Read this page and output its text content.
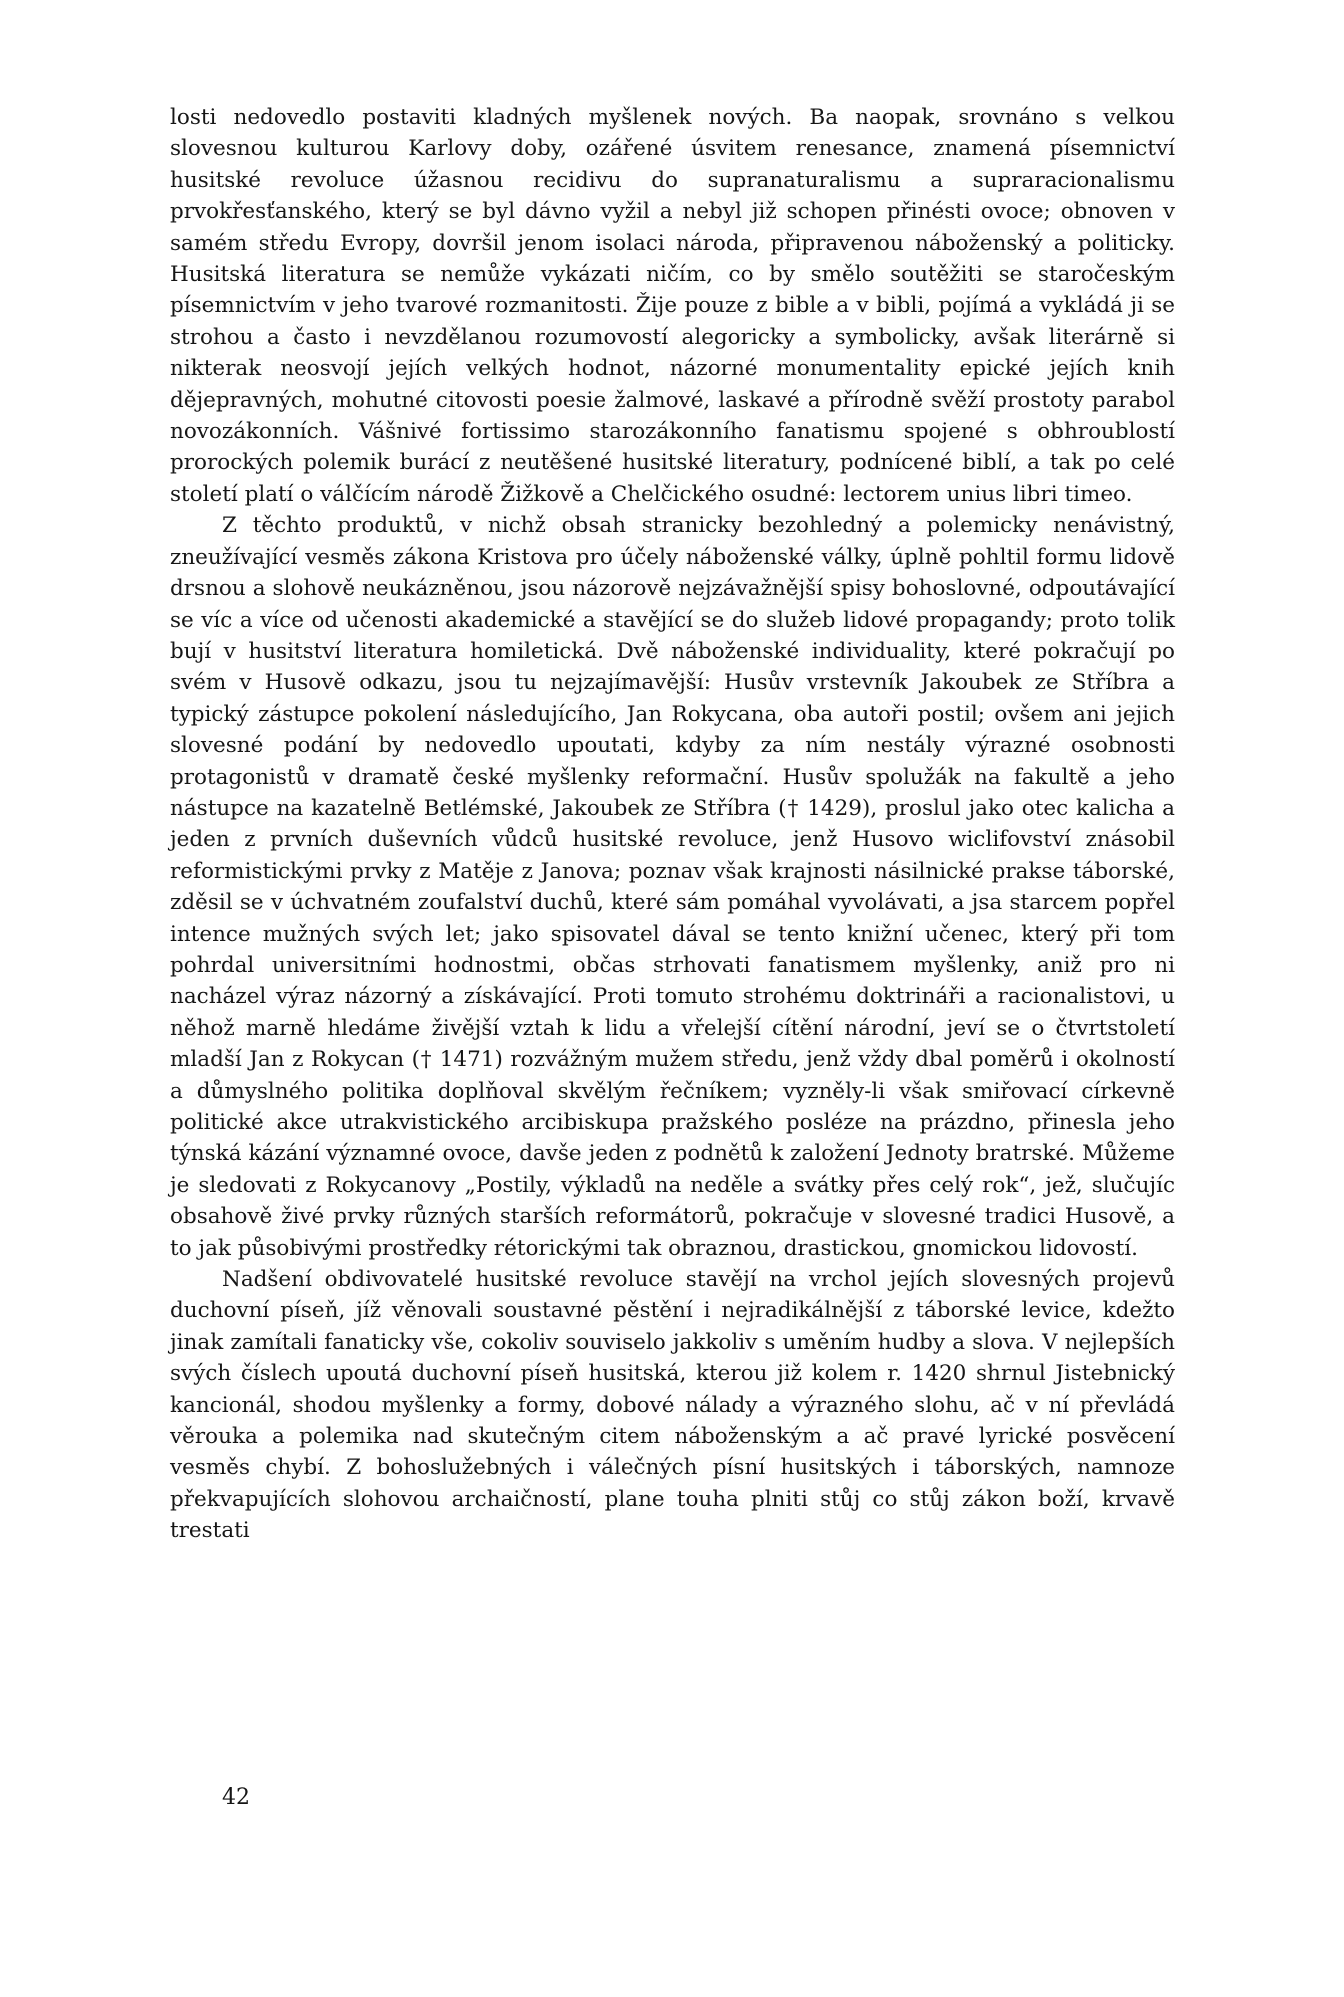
losti nedovedlo postaviti kladných myšlenek nových. Ba naopak, srovnáno s velkou slovesnou kulturou Karlovy doby, ozářené úsvitem renesance, znamená písemnictví husitské revoluce úžasnou recidivu do supranaturalismu a supraracionalismu prvokřesťanského, který se byl dávno vyžil a nebyl již schopen přinésti ovoce; obnoven v samém středu Evropy, dovršil jenom isolaci národa, připravenou náboženský a politicky. Husitská literatura se nemůže vykázati ničím, co by smělo soutěžiti se staročeským písemnictvím v jeho tvarové rozmanitosti. Žije pouze z bible a v bibli, pojímá a vykládá ji se strohou a často i nevzdělanou rozumovostí alegoricky a symbolicky, avšak literárně si nikterak neosvojí jejích velkých hodnot, názorné monumentality epické jejích knih dějepravných, mohutné citovosti poesie žalmové, laskavé a přírodně svěží prostoty parabol novozákonních. Vášnivé fortissimo starozákonního fanatismu spojené s obhroublostí prorockých polemik burácí z neutěšené husitské literatury, podnícené biblí, a tak po celé století platí o válčícím národě Žižkově a Chelčického osudné: lectorem unius libri timeo.

Z těchto produktů, v nichž obsah stranicky bezohledný a polemicky nenávistný, zneužívající vesměs zákona Kristova pro účely náboženské války, úplně pohltil formu lidově drsnou a slohově neukázněnou, jsou názorově nejzávažnější spisy bohoslovné, odpoutávající se víc a více od učenosti akademické a stavějící se do služeb lidové propagandy; proto tolik bují v husitství literatura homiletická. Dvě náboženské individuality, které pokračují po svém v Husově odkazu, jsou tu nejzajímavější: Husův vrstevník Jakoubek ze Stříbra a typický zástupce pokolení následujícího, Jan Rokycana, oba autoři postil; ovšem ani jejich slovesné podání by nedovedlo upoutati, kdyby za ním nestály výrazné osobnosti protagonistů v dramatě české myšlenky reformační. Husův spolužák na fakultě a jeho nástupce na kazatelně Betlémské, Jakoubek ze Stříbra († 1429), proslul jako otec kalicha a jeden z prvních duševních vůdců husitské revoluce, jenž Husovo wiclifovství znásobil reformistickými prvky z Matěje z Janova; poznav však krajnosti násilnické prakse táborské, zděsil se v úchvatném zoufalství duchů, které sám pomáhal vyvolávati, a jsa starcem popřel intence mužných svých let; jako spisovatel dával se tento knižní učenec, který při tom pohrdal universitními hodnostmi, občas strhovati fanatismem myšlenky, aniž pro ni nacházel výraz názorný a získávající. Proti tomuto strohému doktrináři a racionalistovi, u něhož marně hledáme živější vztah k lidu a vřelejší cítění národní, jeví se o čtvrtstoletí mladší Jan z Rokycan († 1471) rozvážným mužem středu, jenž vždy dbal poměrů i okolností a důmyslného politika doplňoval skvělým řečníkem; vyzněly-li však smiřovací církevně politické akce utrakvistického arcibiskupa pražského posléze na prázdno, přinesla jeho týnská kázání významné ovoce, davše jeden z podnětů k založení Jednoty bratrské. Můžeme je sledovati z Rokycanovy „Postily, výkladů na neděle a svátky přes celý rok“, jež, slučujíc obsahově živé prvky různých starších reformátorů, pokračuje v slovesné tradici Husově, a to jak působivými prostředky rétorickými tak obraznou, drastickou, gnomickou lidovostí.

Nadšení obdivovatelé husitské revoluce stavějí na vrchol jejích slovesných projevů duchovní píseň, jíž věnovali soustavné pěstění i nejradikálnější z táborské levice, kdežto jinak zamítali fanaticky vše, cokoliv souviselo jakkoliv s uměním hudby a slova. V nejlepších svých číslech upoutá duchovní píseň husitská, kterou již kolem r. 1420 shrnul Jistebnický kancionál, shodou myšlenky a formy, dobové nálady a výrazného slohu, ač v ní převládá věrouka a polemika nad skutečným citem náboženským a ač pravé lyrické posvěcení vesměs chybí. Z bohoslužebných i válečných písní husitských i táborských, namnoze překvapujících slohovou archaičností, plane touha plniti stůj co stůj zákon boží, krvavě trestati

42
